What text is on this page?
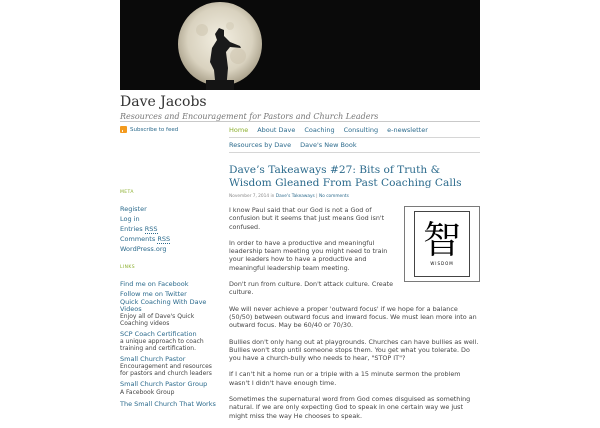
Dave Jacobs
Resources and Encouragement for Pastors and Church Leaders
Subscribe to feed	Home About Dave Coaching Consulting e-newsletter
Resources by Dave Dave's New Book
META
Register
Log in
Entries RSS
Comments RSS
WordPress.org
LINKS
Find me on Facebook
Follow me on Twitter
Quick Coaching With Dave Videos
Enjoy all of Dave's Quick Coaching videos
SCP Coach Certification
a unique approach to coach training and certification.
Small Church Pastor
Encouragement and resources for pastors and church leaders
Small Church Pastor Group A Facebook Group
The Small Church That Works
Dave’s Takeaways #27: Bits of Truth & Wisdom Gleaned From Past Coaching Calls
November 7, 2014 in Dave's Takeaways | No comments
智
WISDOM

I know Paul said that our God is not a God of confusion but it seems that just means God isn't confused.

In order to have a productive and meaningful leadership team meeting you might need to train your leaders how to have a productive and meaningful leadership team meeting.

Don't run from culture. Don't attack culture. Create culture.

We will never achieve a proper 'outward focus' if we hope for a balance (50/50) between outward focus and inward focus. We must lean more into an outward focus. May be 60/40 or 70/30.

Bullies don't only hang out at playgrounds. Churches can have bullies as well. Bullies won't stop until someone stops them. You get what you tolerate. Do you have a church-bully who needs to hear, "STOP IT"?

If I can't hit a home run or a triple with a 15 minute sermon the problem wasn't I didn't have enough time.

Sometimes the supernatural word from God comes disguised as something natural. If we are only expecting God to speak in one certain way we just might miss the way He chooses to speak.
